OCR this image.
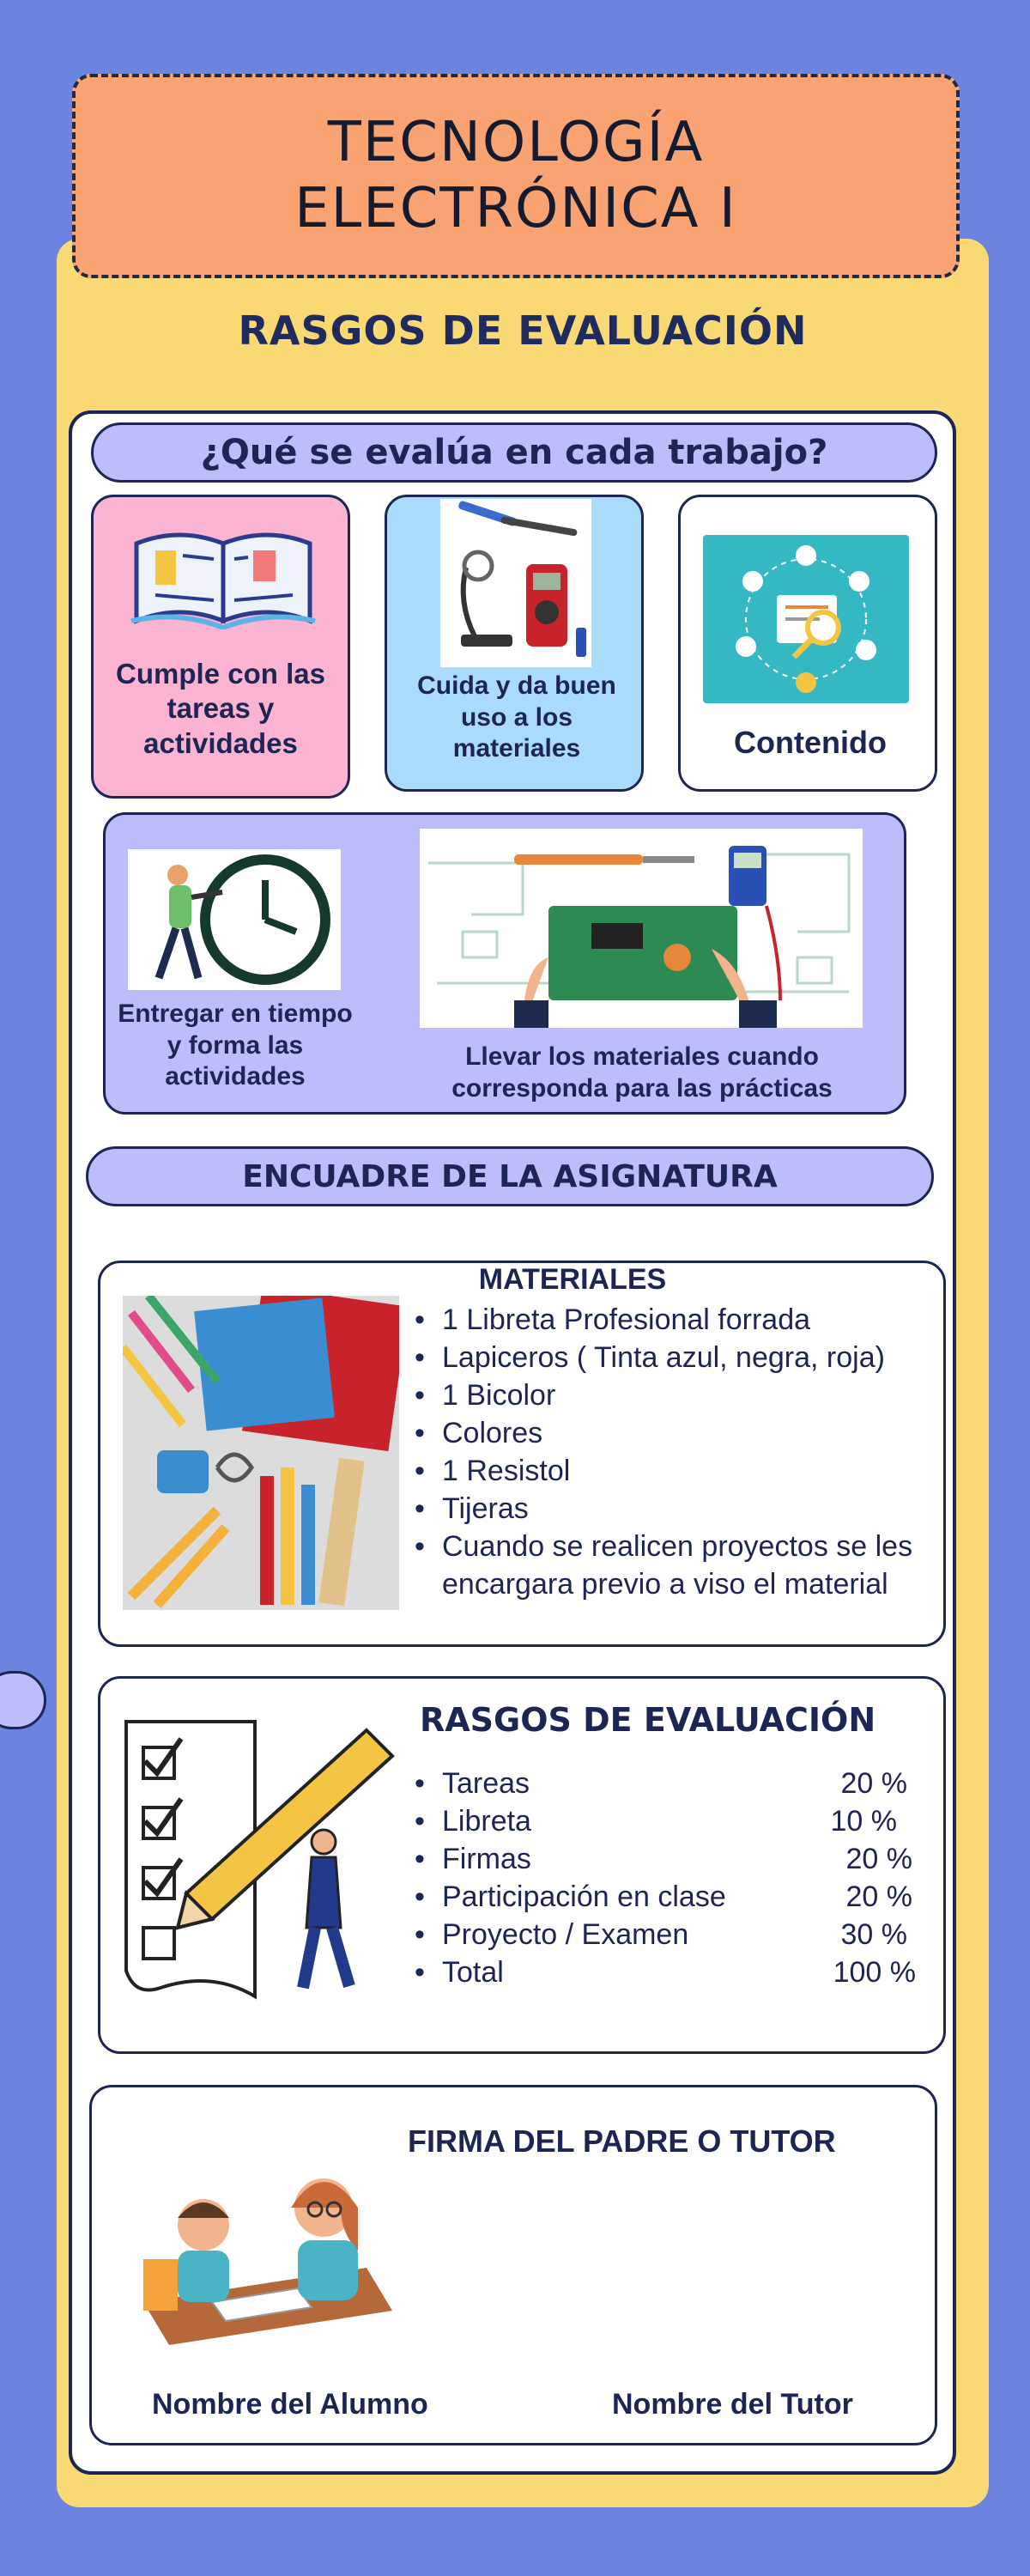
TECNOLOGÍA
ELECTRÓNICA I
RASGOS DE EVALUACIÓN
¿Qué se evalúa en cada trabajo?
Cumple con las tareas y actividades
Cuida y da buen uso a los materiales	Contenido
Entregar en tiempo y forma las actividades
Llevar los materiales cuando corresponda para las prácticas
ENCUADRE DE LA ASIGNATURA
MATERIALES
• 1 Libreta Profesional forrada
• Lapiceros ( Tinta azul, negra, roja)
• 1 Bicolor
• Colores
• 1 Resistol
• Tijeras
• Cuando se realicen proyectos se les encargara previo a viso el material
RASGOS DE EVALUACIÓN
• Tareas	20 %
• Libreta	10 %
• Firmas	20 %
• Participación en clase	20 %
• Proyecto / Examen	30 %
• Total	100 %
FIRMA DEL PADRE O TUTOR
Nombre del Alumno	Nombre del Tutor
